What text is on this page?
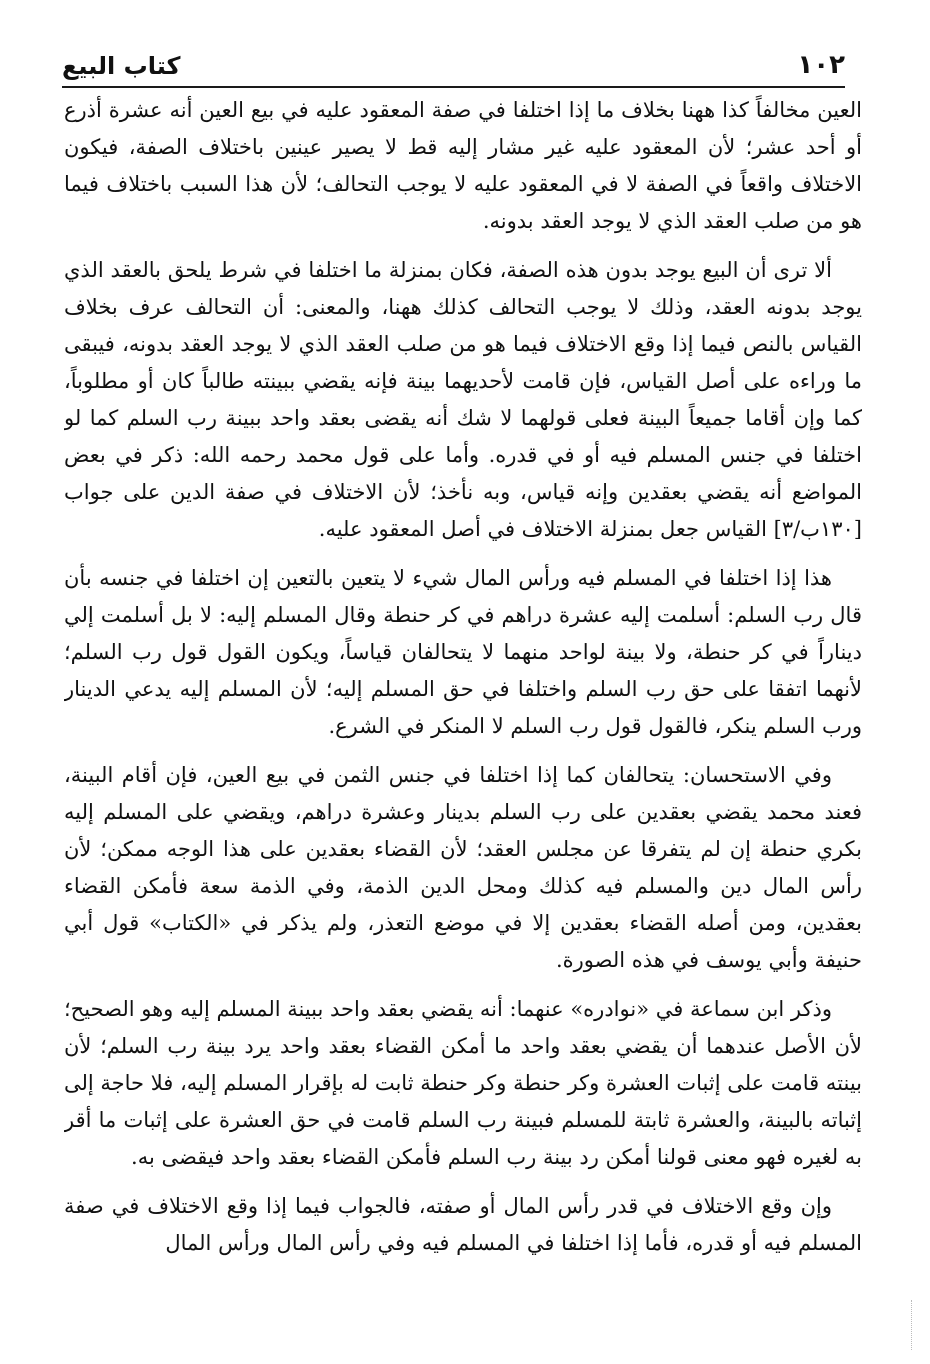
١٠٢
كتاب البيع

العين مخالفاً كذا ههنا بخلاف ما إذا اختلفا في صفة المعقود عليه في بيع العين أنه عشرة أذرع أو أحد عشر؛ لأن المعقود عليه غير مشار إليه قط لا يصير عينين باختلاف الصفة، فيكون الاختلاف واقعاً في الصفة لا في المعقود عليه لا يوجب التحالف؛ لأن هذا السبب باختلاف فيما هو من صلب العقد الذي لا يوجد العقد بدونه.

ألا ترى أن البيع يوجد بدون هذه الصفة، فكان بمنزلة ما اختلفا في شرط يلحق بالعقد الذي يوجد بدونه العقد، وذلك لا يوجب التحالف كذلك ههنا، والمعنى: أن التحالف عرف بخلاف القياس بالنص فيما إذا وقع الاختلاف فيما هو من صلب العقد الذي لا يوجد العقد بدونه، فيبقى ما وراءه على أصل القياس، فإن قامت لأحديهما بينة فإنه يقضي ببينته طالباً كان أو مطلوباً، كما وإن أقاما جميعاً البينة فعلى قولهما لا شك أنه يقضى بعقد واحد ببينة رب السلم كما لو اختلفا في جنس المسلم فيه أو في قدره. وأما على قول محمد رحمه الله: ذكر في بعض المواضع أنه يقضي بعقدين وإنه قياس، وبه نأخذ؛ لأن الاختلاف في صفة الدين على جواب [١٣٠ب/٣] القياس جعل بمنزلة الاختلاف في أصل المعقود عليه.

هذا إذا اختلفا في المسلم فيه ورأس المال شيء لا يتعين بالتعين إن اختلفا في جنسه بأن قال رب السلم: أسلمت إليه عشرة دراهم في كر حنطة وقال المسلم إليه: لا بل أسلمت إلي ديناراً في كر حنطة، ولا بينة لواحد منهما لا يتحالفان قياساً، ويكون القول قول رب السلم؛ لأنهما اتفقا على حق رب السلم واختلفا في حق المسلم إليه؛ لأن المسلم إليه يدعي الدينار ورب السلم ينكر، فالقول قول رب السلم لا المنكر في الشرع.

وفي الاستحسان: يتحالفان كما إذا اختلفا في جنس الثمن في بيع العين، فإن أقام البينة، فعند محمد يقضي بعقدين على رب السلم بدينار وعشرة دراهم، ويقضي على المسلم إليه بكري حنطة إن لم يتفرقا عن مجلس العقد؛ لأن القضاء بعقدين على هذا الوجه ممكن؛ لأن رأس المال دين والمسلم فيه كذلك ومحل الدين الذمة، وفي الذمة سعة فأمكن القضاء بعقدين، ومن أصله القضاء بعقدين إلا في موضع التعذر، ولم يذكر في «الكتاب» قول أبي حنيفة وأبي يوسف في هذه الصورة.

وذكر ابن سماعة في «نوادره» عنهما: أنه يقضي بعقد واحد ببينة المسلم إليه وهو الصحيح؛ لأن الأصل عندهما أن يقضي بعقد واحد ما أمكن القضاء بعقد واحد يرد بينة رب السلم؛ لأن بينته قامت على إثبات العشرة وكر حنطة وكر حنطة ثابت له بإقرار المسلم إليه، فلا حاجة إلى إثباته بالبينة، والعشرة ثابتة للمسلم فبينة رب السلم قامت في حق العشرة على إثبات ما أقر به لغيره فهو معنى قولنا أمكن رد بينة رب السلم فأمكن القضاء بعقد واحد فيقضى به.

وإن وقع الاختلاف في قدر رأس المال أو صفته، فالجواب فيما إذا وقع الاختلاف في صفة المسلم فيه أو قدره، فأما إذا اختلفا في المسلم فيه وفي رأس المال ورأس المال
